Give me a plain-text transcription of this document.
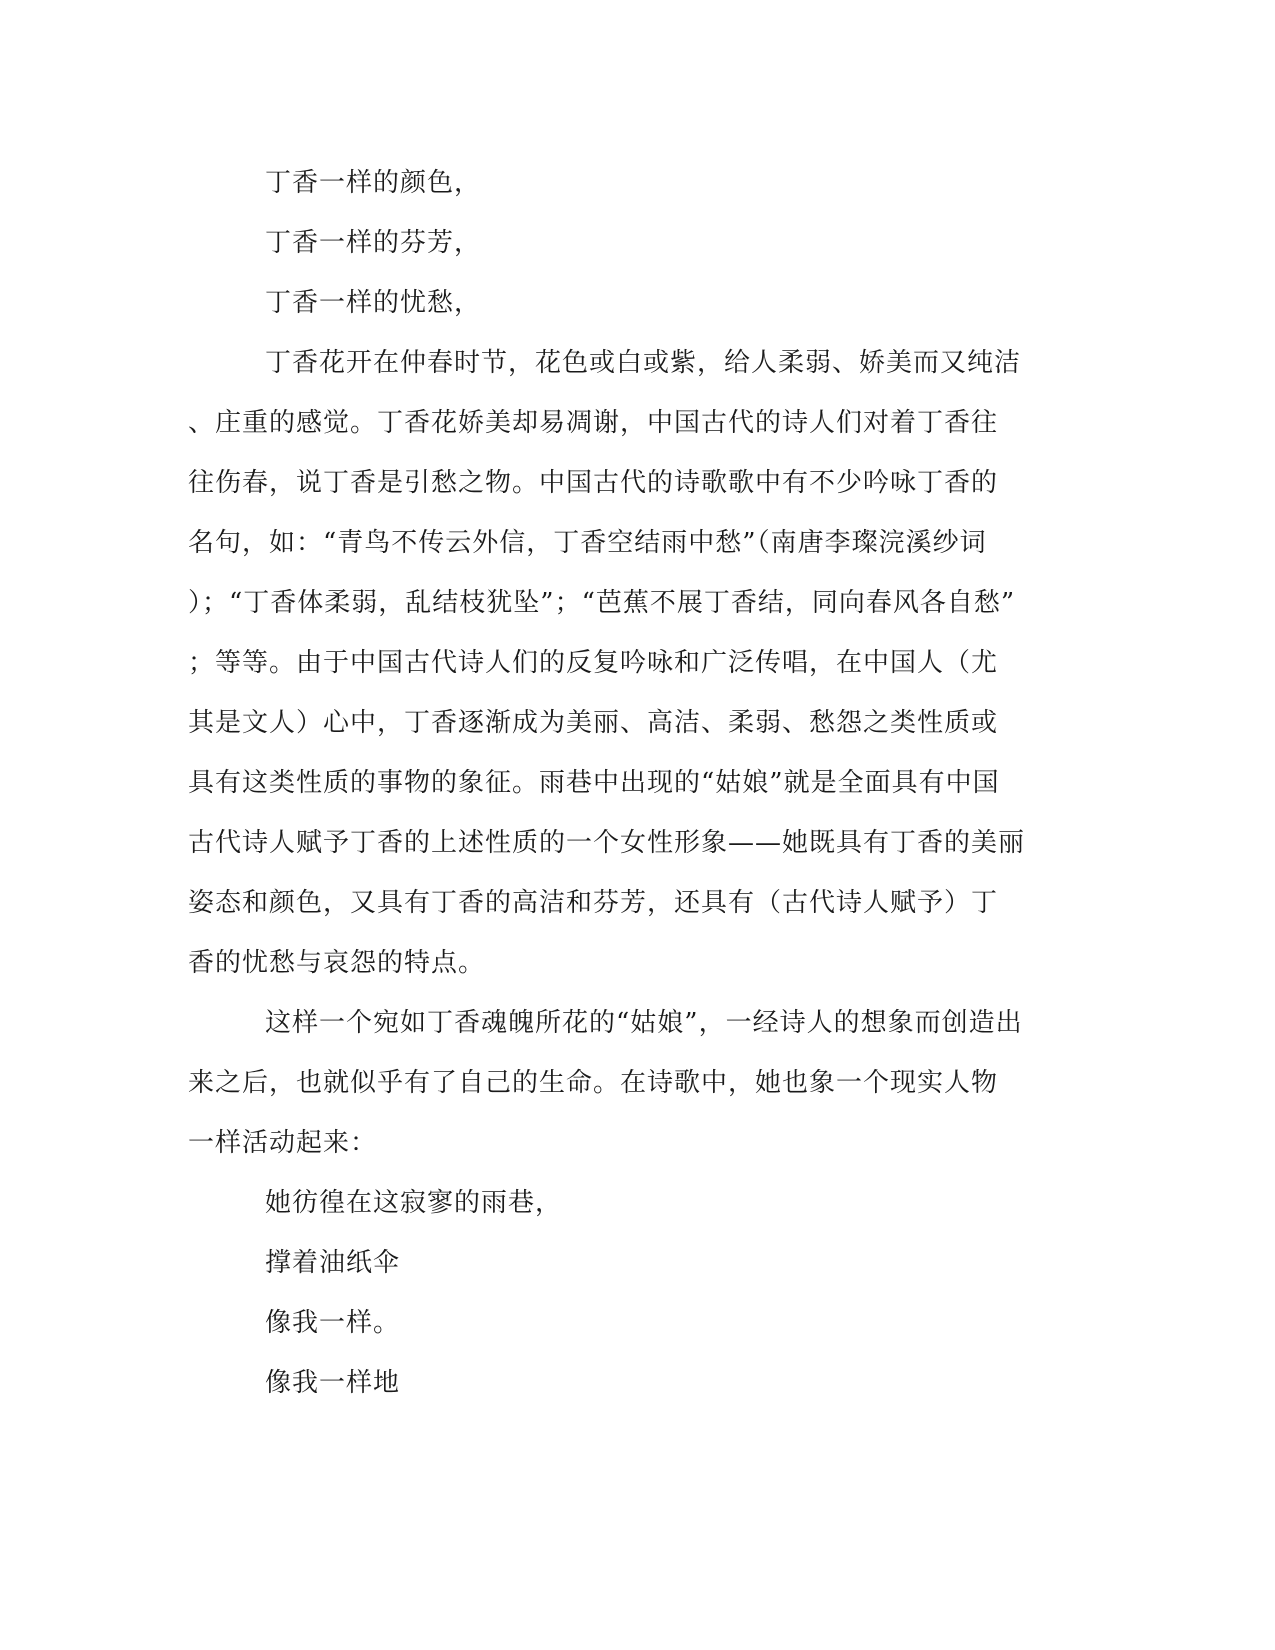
丁香一样的颜色，
丁香一样的芬芳，
丁香一样的忧愁，
丁香花开在仲春时节，花色或白或紫，给人柔弱、娇美而又纯洁
、庄重的感觉。丁香花娇美却易凋谢，中国古代的诗人们对着丁香往
往伤春，说丁香是引愁之物。中国古代的诗歌歌中有不少吟咏丁香的
名句，如：“青鸟不传云外信，丁香空结雨中愁”（南唐李璨浣溪纱词
）；“丁香体柔弱，乱结枝犹坠”；“芭蕉不展丁香结，同向春风各自愁”
；等等。由于中国古代诗人们的反复吟咏和广泛传唱，在中国人（尤
其是文人）心中，丁香逐渐成为美丽、高洁、柔弱、愁怨之类性质或
具有这类性质的事物的象征。雨巷中出现的“姑娘”就是全面具有中国
古代诗人赋予丁香的上述性质的一个女性形象——她既具有丁香的美丽
姿态和颜色，又具有丁香的高洁和芬芳，还具有（古代诗人赋予）丁
香的忧愁与哀怨的特点。
这样一个宛如丁香魂魄所花的“姑娘”，一经诗人的想象而创造出
来之后，也就似乎有了自己的生命。在诗歌中，她也象一个现实人物
一样活动起来：
她彷徨在这寂寥的雨巷，
撑着油纸伞
像我一样。
像我一样地
